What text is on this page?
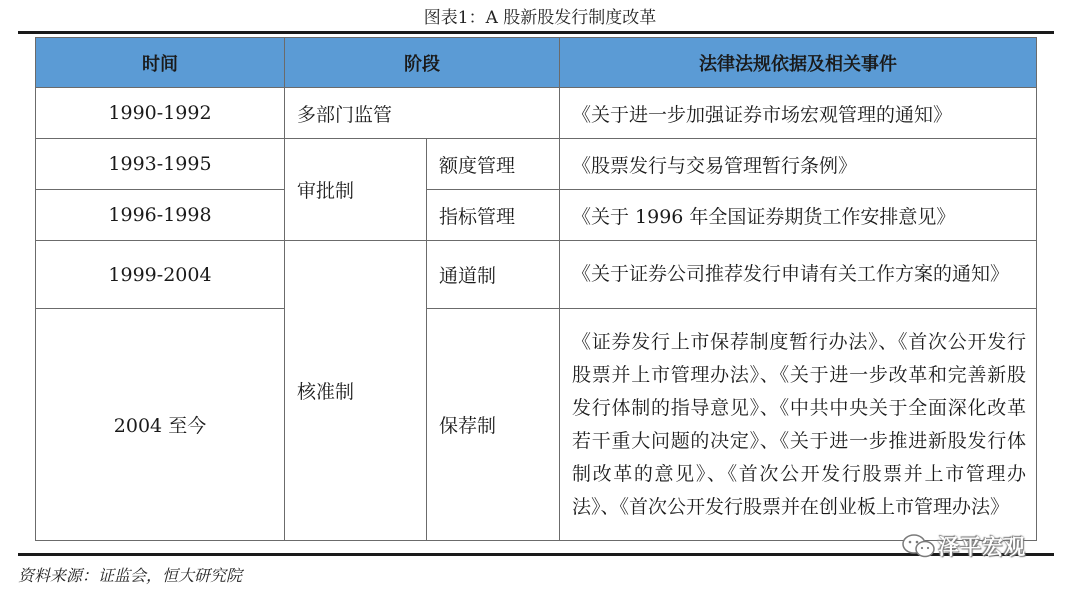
图表1：A 股新股发行制度改革
时间	阶段		法律法规依据及相关事件
1990-1992	多部门监管		《关于进一步加强证券市场宏观管理的通知》
1993-1995	审批制	额度管理	《股票发行与交易管理暂行条例》
1996-1998		指标管理	《关于 1996 年全国证券期货工作安排意见》
1999-2004	核准制	通道制	《关于证券公司推荐发行申请有关工作方案的通知》
2004 至今		保荐制	《证券发行上市保荐制度暂行办法》、《首次公开发行股票并上市管理办法》、《关于进一步改革和完善新股发行体制的指导意见》、《中共中央关于全面深化改革若干重大问题的决定》、《关于进一步推进新股发行体制改革的意见》、《首次公开发行股票并上市管理办法》、《首次公开发行股票并在创业板上市管理办法》
资料来源：证监会，恒大研究院
泽平宏观
